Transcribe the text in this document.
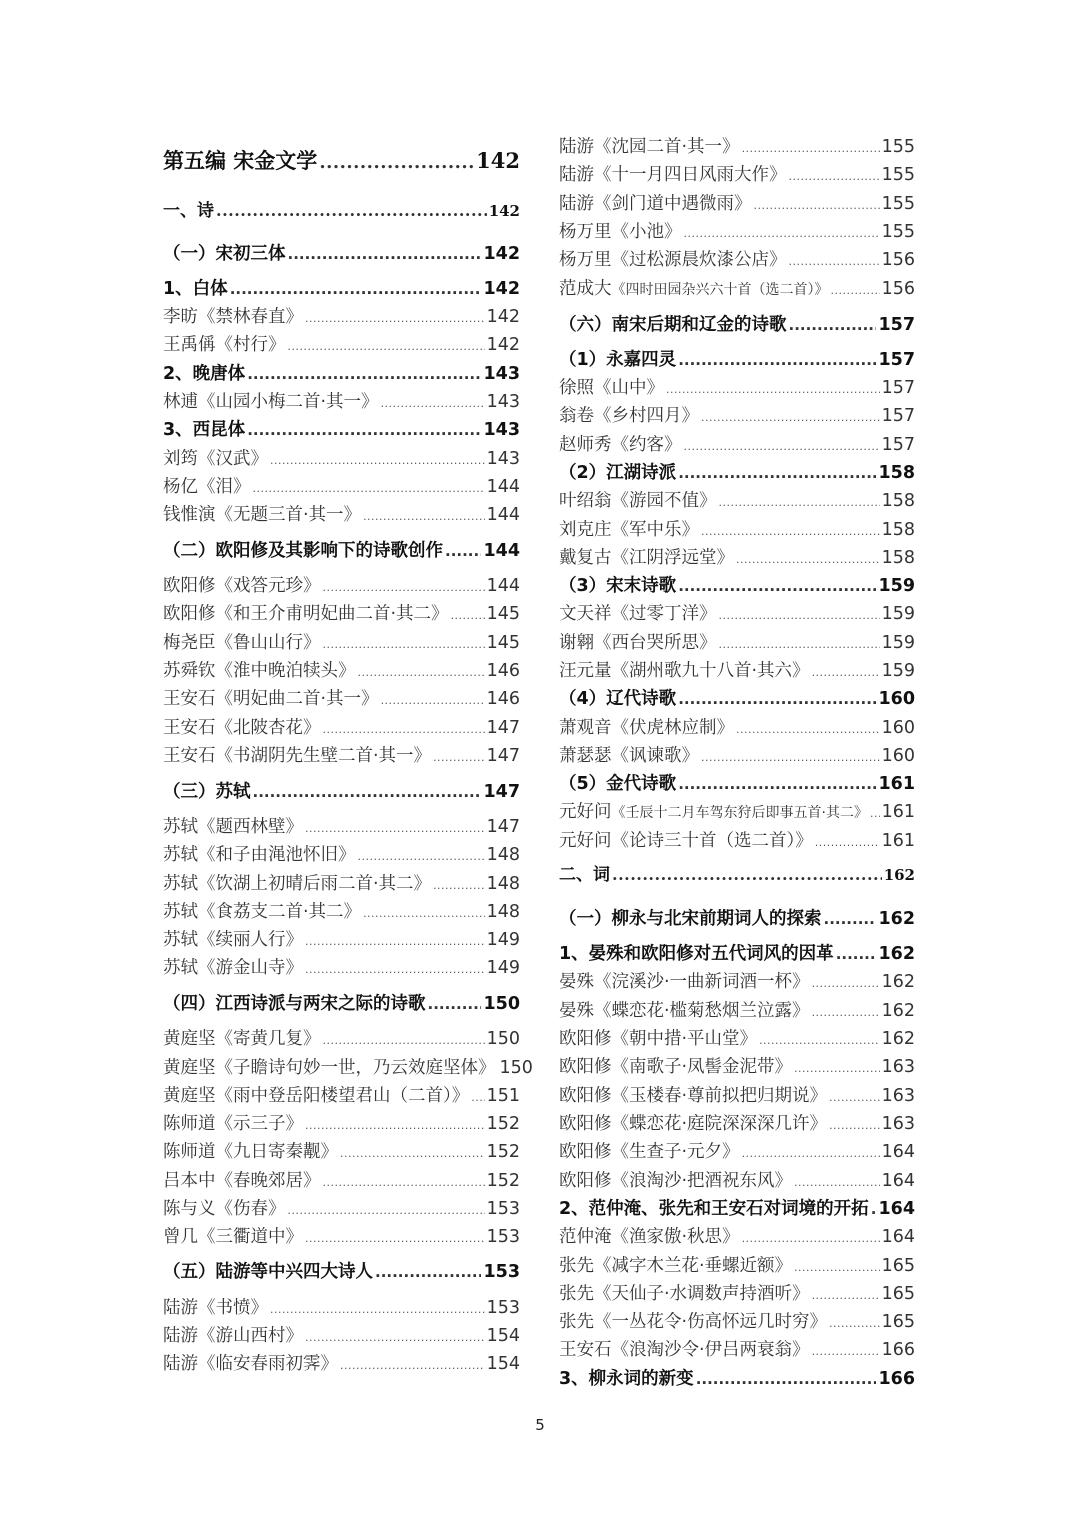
第五编 宋金文学 .....	142
一、诗 .....	142
（一）宋初三体 .....	142
1、白体 .....	142
李昉《禁林春直》 .....	142
王禹偁《村行》 .....	142
2、晚唐体 .....	143
林逋《山园小梅二首·其一》 .....	143
3、西昆体 .....	143
刘筠《汉武》 .....	143
杨亿《泪》 .....	144
钱惟演《无题三首·其一》 .....	144
（二）欧阳修及其影响下的诗歌创作 ..... 144
欧阳修《戏答元珍》 .....	144
欧阳修《和王介甫明妃曲二首·其二》 ..... 145
梅尧臣《鲁山山行》 .....	145
苏舜钦《淮中晚泊犊头》 .....	146
王安石《明妃曲二首·其一》 .....	146
王安石《北陂杏花》 .....	147
王安石《书湖阴先生壁二首·其一》 .....	147
（三）苏轼 .....	147
苏轼《题西林壁》 .....	147
苏轼《和子由渑池怀旧》 .....	148
苏轼《饮湖上初晴后雨二首·其二》 .....	148
苏轼《食荔支二首·其二》 .....	148
苏轼《续丽人行》 .....	149
苏轼《游金山寺》 .....	149
（四）江西诗派与两宋之际的诗歌 .....	150
黄庭坚《寄黄几复》 .....	150
黄庭坚《子瞻诗句妙一世，乃云效庭坚体》 150
黄庭坚《雨中登岳阳楼望君山（二首）》 ..... 151
陈师道《示三子》 .....	152
陈师道《九日寄秦觏》 .....	152
吕本中《春晚郊居》 .....	152
陈与义《伤春》 .....	153
曾几《三衢道中》 .....	153
（五）陆游等中兴四大诗人 .....	153
陆游《书愤》 .....	153
陆游《游山西村》 .....	154
陆游《临安春雨初霁》 .....	154
陆游《沈园二首·其一》 .....	155
陆游《十一月四日风雨大作》 .....	155
陆游《剑门道中遇微雨》 .....	155
杨万里《小池》 .....	155
杨万里《过松源晨炊漆公店》 .....	156
范成大《四时田园杂兴六十首（选二首）》 .....	156
（六）南宋后期和辽金的诗歌 .....	157
（1）永嘉四灵 .....	157
徐照《山中》 .....	157
翁卷《乡村四月》 .....	157
赵师秀《约客》 .....	157
（2）江湖诗派 .....	158
叶绍翁《游园不值》 .....	158
刘克庄《军中乐》 .....	158
戴复古《江阴浮远堂》 .....	158
（3）宋末诗歌 .....	159
文天祥《过零丁洋》 .....	159
谢翱《西台哭所思》 .....	159
汪元量《湖州歌九十八首·其六》 .....	159
（4）辽代诗歌 .....	160
萧观音《伏虎林应制》 .....	160
萧瑟瑟《讽谏歌》 .....	160
（5）金代诗歌 .....	161
元好问《壬辰十二月车驾东狩后即事五首·其二》 ..... 161
元好问《论诗三十首（选二首）》 .....	161
二、词 .....	162
（一）柳永与北宋前期词人的探索 .....	162
1、晏殊和欧阳修对五代词风的因革 .....	162
晏殊《浣溪沙·一曲新词酒一杯》 .....	162
晏殊《蝶恋花·槛菊愁烟兰泣露》 .....	162
欧阳修《朝中措·平山堂》 .....	162
欧阳修《南歌子·凤髻金泥带》 .....	163
欧阳修《玉楼春·尊前拟把归期说》 .....	163
欧阳修《蝶恋花·庭院深深深几许》 .....	163
欧阳修《生查子·元夕》 .....	164
欧阳修《浪淘沙·把酒祝东风》 .....	164
2、范仲淹、张先和王安石对词境的开拓 ..... 164
范仲淹《渔家傲·秋思》 .....	164
张先《减字木兰花·垂螺近额》 .....	165
张先《天仙子·水调数声持酒听》 .....	165
张先《一丛花令·伤高怀远几时穷》 .....	165
王安石《浪淘沙令·伊吕两衰翁》 .....	166
3、柳永词的新变 .....	166
5
